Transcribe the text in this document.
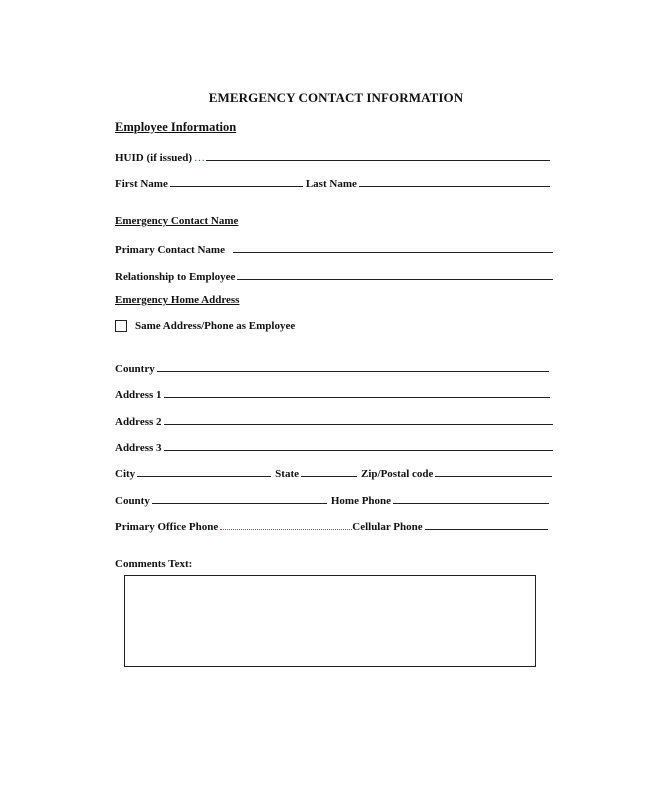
EMERGENCY CONTACT INFORMATION
Employee Information
HUID (if issued) …
First Name	Last Name
Emergency Contact Name
Primary Contact Name
Relationship to Employee
Emergency Home Address
Same Address/Phone as Employee
Country
Address 1
Address 2
Address 3
City	State	Zip/Postal code
County	Home Phone
Primary Office Phone	Cellular Phone
Comments Text:
